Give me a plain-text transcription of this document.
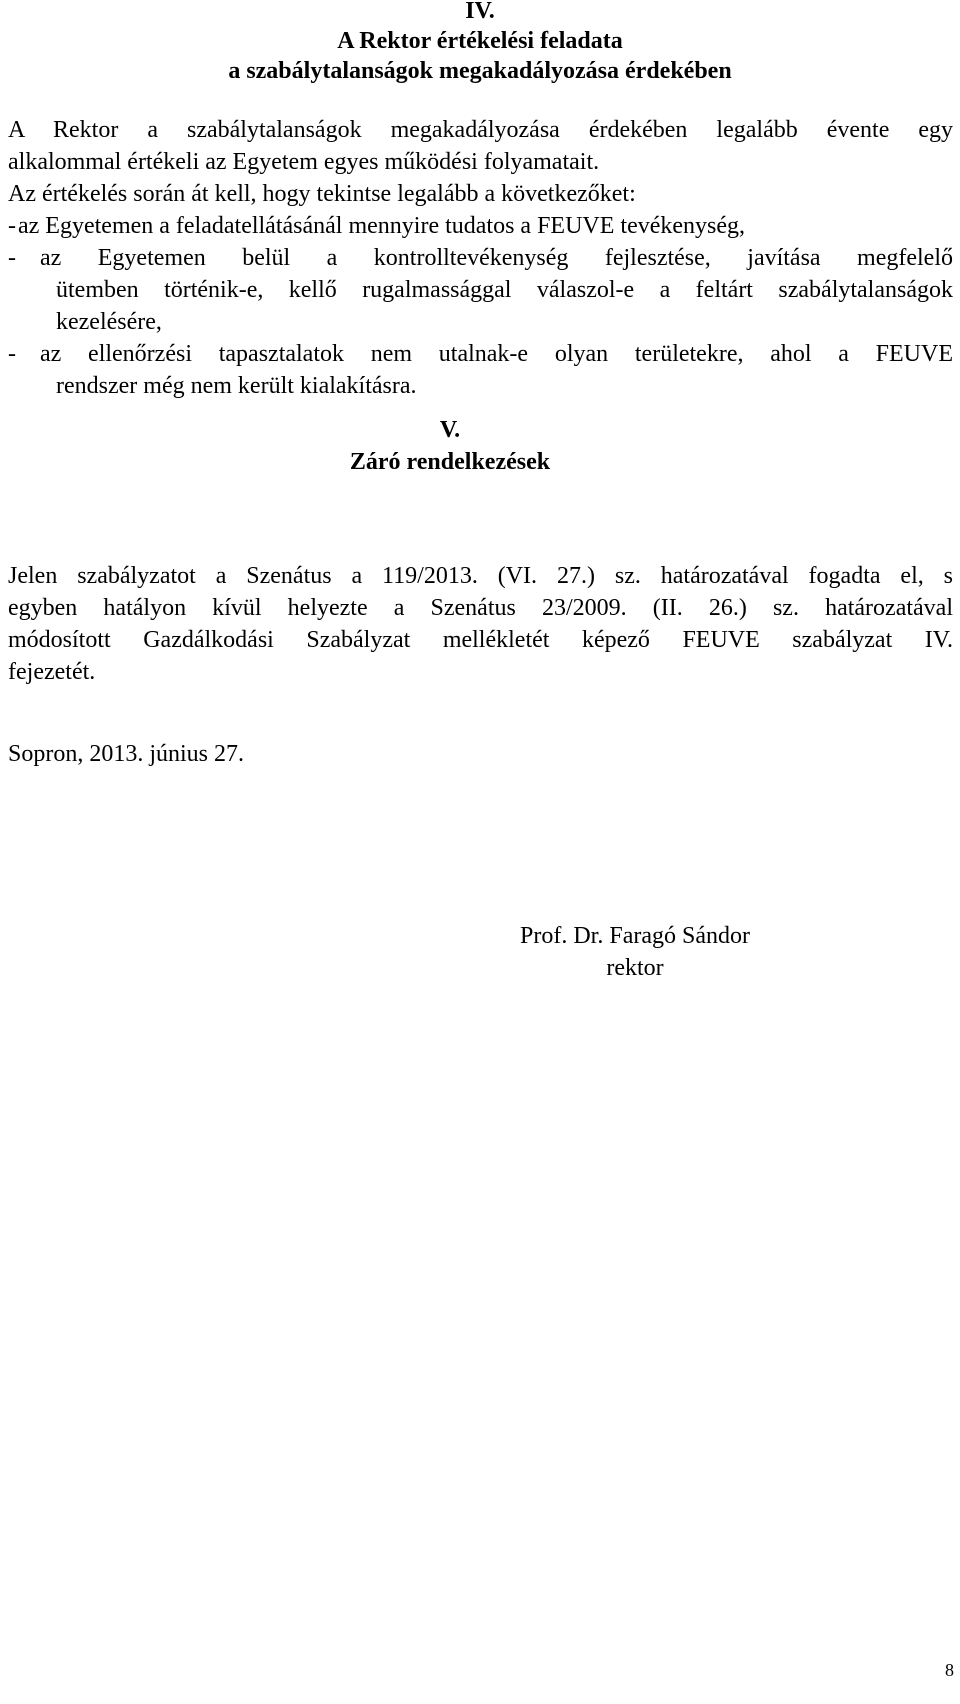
IV.
A Rektor értékelési feladata
a szabálytalanságok megakadályozása érdekében
A Rektor a szabálytalanságok megakadályozása érdekében legalább évente egy
alkalommal értékeli az Egyetem egyes működési folyamatait.
Az értékelés során át kell, hogy tekintse legalább a következőket:
- az Egyetemen a feladatellátásánál mennyire tudatos a FEUVE tevékenység,
-	az Egyetemen belül a kontrolltevékenység fejlesztése, javítása megfelelő
ütemben történik-e, kellő rugalmassággal válaszol-e a feltárt szabálytalanságok
kezelésére,
-	az ellenőrzési tapasztalatok nem utalnak-e olyan területekre, ahol a FEUVE
rendszer még nem került kialakításra.
V.
Záró rendelkezések
Jelen szabályzatot a Szenátus a 119/2013. (VI. 27.) sz. határozatával fogadta el, s
egyben hatályon kívül helyezte a Szenátus 23/2009. (II. 26.) sz. határozatával
módosított Gazdálkodási Szabályzat mellékletét képező FEUVE szabályzat IV.
fejezetét.
Sopron, 2013. június 27.
Prof. Dr. Faragó Sándor
rektor
8
